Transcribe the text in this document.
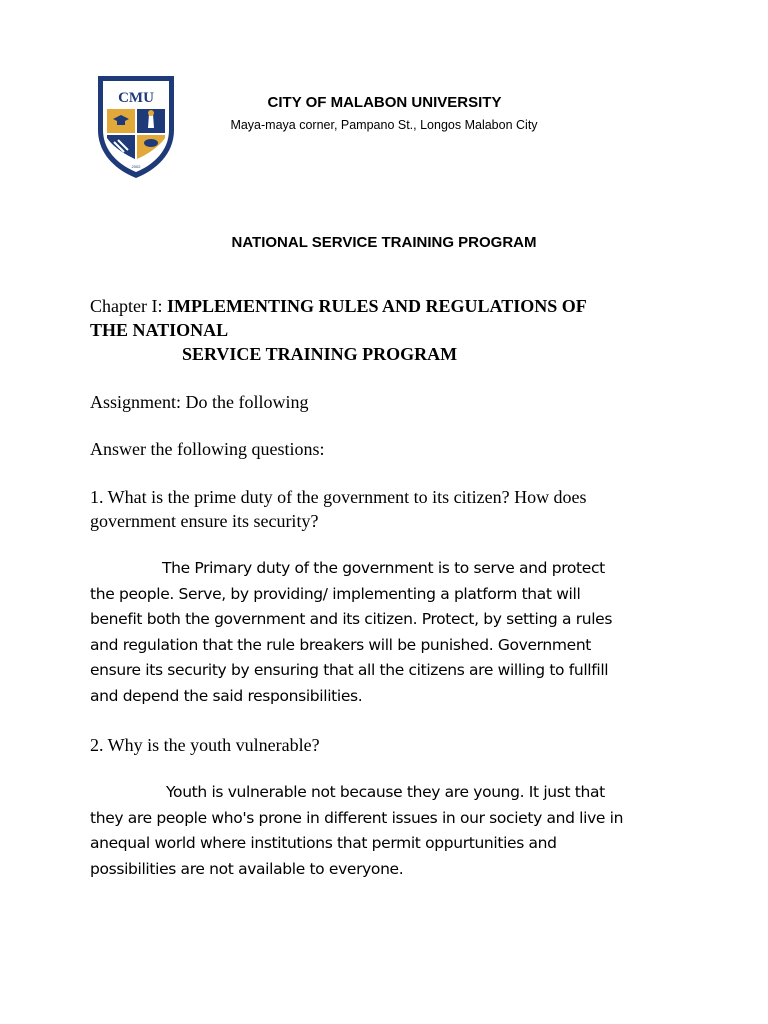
CMU
2002
CITY OF MALABON UNIVERSITY
Maya-maya corner, Pampano St., Longos Malabon City
NATIONAL SERVICE TRAINING PROGRAM

Chapter I: IMPLEMENTING RULES AND REGULATIONS OF
THE NATIONAL

SERVICE TRAINING PROGRAM

Assignment: Do the following

Answer the following questions:

1. What is the prime duty of the government to its citizen? How does
government ensure its security?

The Primary duty of the government is to serve and protect
the people. Serve, by providing/ implementing a platform that will
benefit both the government and its citizen. Protect, by setting a rules
and regulation that the rule breakers will be punished. Government
ensure its security by ensuring that all the citizens are willing to fullfill
and depend the said responsibilities.

2. Why is the youth vulnerable?

Youth is vulnerable not because they are young. It just that
they are people who's prone in different issues in our society and live in
anequal world where institutions that permit oppurtunities and
possibilities are not available to everyone.
